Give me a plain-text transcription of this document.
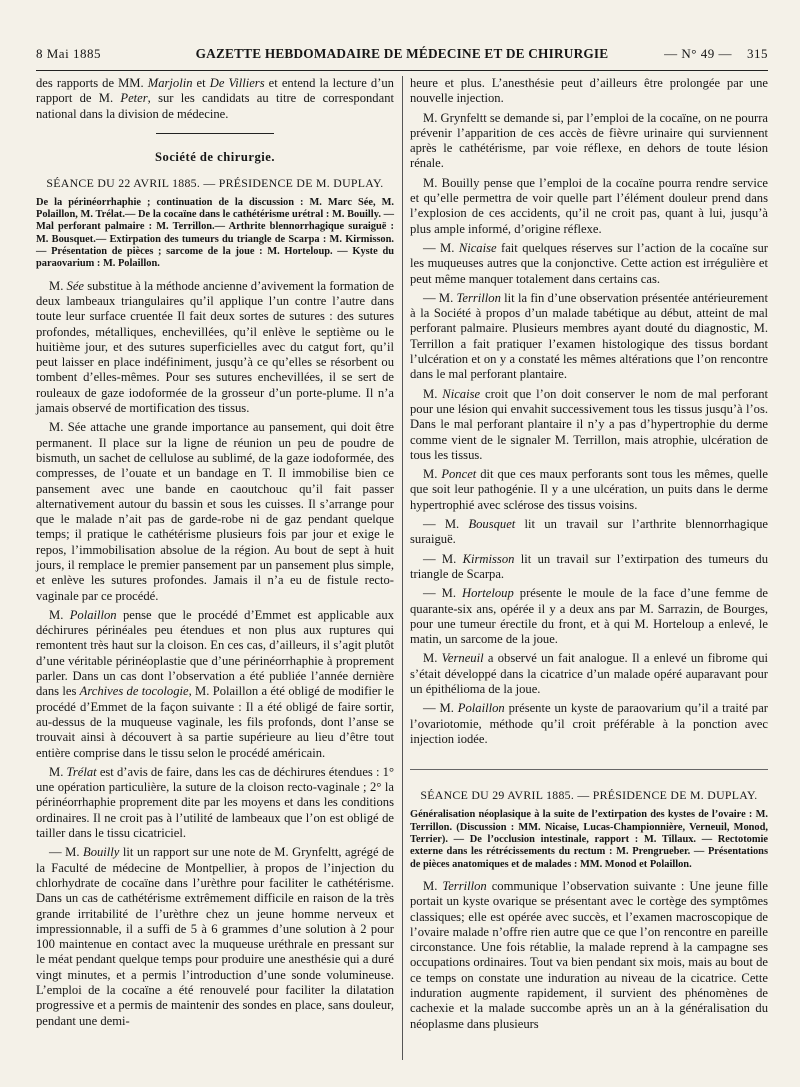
8 Mai 1885	GAZETTE HEBDOMADAIRE DE MÉDECINE ET DE CHIRURGIE	— N° 49 — 315

des rapports de MM. Marjolin et De Villiers et entend la lecture d’un rapport de M. Peter, sur les candidats au titre de correspondant national dans la division de médecine.

Société de chirurgie.
SÉANCE DU 22 AVRIL 1885. — PRÉSIDENCE DE M. DUPLAY.
De la périnéorrhaphie ; continuation de la discussion : M. Marc Sée, M. Polaillon, M. Trélat.— De la cocaïne dans le cathétérisme urétral : M. Bouilly. — Mal perforant palmaire : M. Terrillon.— Arthrite blennorrhagique suraiguë : M. Bousquet.— Extirpation des tumeurs du triangle de Scarpa : M. Kirmisson. — Présentation de pièces ; sarcome de la joue : M. Horteloup. — Kyste du paraovarium : M. Polaillon.

M. Sée substitue à la méthode ancienne d’avivement la formation de deux lambeaux triangulaires qu’il applique l’un contre l’autre dans toute leur surface cruentée Il fait deux sortes de sutures : des sutures profondes, métalliques, enchevillées, qu’il enlève le septième ou le huitième jour, et des sutures superficielles avec du catgut fort, qu’il peut laisser en place indéfiniment, jusqu’à ce qu’elles se résorbent ou tombent d’elles-mêmes. Pour ses sutures enchevillées, il se sert de rouleaux de gaze iodoformée de la grosseur d’un porte-plume. Il n’a jamais observé de mortification des tissus.

M. Sée attache une grande importance au pansement, qui doit être permanent. Il place sur la ligne de réunion un peu de poudre de bismuth, un sachet de cellulose au sublimé, de la gaze iodoformée, des compresses, de l’ouate et un bandage en T. Il immobilise bien ce pansement avec une bande en caoutchouc qu’il fait passer alternativement autour du bassin et sous les cuisses. Il s’arrange pour que le malade n’ait pas de garde-robe ni de gaz pendant quelque temps; il pratique le cathétérisme plusieurs fois par jour et exige le repos, l’immobilisation absolue de la région. Au bout de sept à huit jours, il remplace le premier pansement par un pansement plus simple, et enlève les sutures profondes. Jamais il n’a eu de fistule recto-vaginale par ce procédé.

M. Polaillon pense que le procédé d’Emmet est applicable aux déchirures périnéales peu étendues et non plus aux ruptures qui remontent très haut sur la cloison. En ces cas, d’ailleurs, il s’agit plutôt d’une véritable périnéoplastie que d’une périnéorrhaphie à proprement parler. Dans un cas dont l’observation a été publiée l’année dernière dans les Archives de tocologie, M. Polaillon a été obligé de modifier le procédé d’Emmet de la façon suivante : Il a été obligé de faire sortir, au-dessus de la muqueuse vaginale, les fils profonds, dont l’anse se trouvait ainsi à découvert à sa partie supérieure au lieu d’être tout entière comprise dans le tissu selon le procédé américain.

M. Trélat est d’avis de faire, dans les cas de déchirures étendues : 1° une opération particulière, la suture de la cloison recto-vaginale ; 2° la périnéorrhaphie proprement dite par les moyens et dans les conditions ordinaires. Il ne croit pas à l’utilité de lambeaux que l’on est obligé de tailler dans le tissu cicatriciel.

— M. Bouilly lit un rapport sur une note de M. Grynfeltt, agrégé de la Faculté de médecine de Montpellier, à propos de l’injection du chlorhydrate de cocaïne dans l’urèthre pour faciliter le cathétérisme. Dans un cas de cathétérisme extrêmement difficile en raison de la très grande irritabilité de l’urèthre chez un jeune homme nerveux et impressionnable, il a suffi de 5 à 6 grammes d’une solution à 2 pour 100 maintenue en contact avec la muqueuse uréthrale en pressant sur le méat pendant quelque temps pour produire une anesthésie qui a duré vingt minutes, et a permis l’introduction d’une sonde volumineuse. L’emploi de la cocaïne a été renouvelé pour faciliter la dilatation progressive et a permis de maintenir des sondes en place, sans douleur, pendant une demi-

heure et plus. L’anesthésie peut d’ailleurs être prolongée par une nouvelle injection.

M. Grynfeltt se demande si, par l’emploi de la cocaïne, on ne pourra prévenir l’apparition de ces accès de fièvre urinaire qui surviennent après le cathétérisme, par voie réflexe, en dehors de toute lésion rénale.

M. Bouilly pense que l’emploi de la cocaïne pourra rendre service et qu’elle permettra de voir quelle part l’élément douleur prend dans l’explosion de ces accidents, qu’il ne croit pas, quant à lui, jusqu’à plus ample informé, d’origine réflexe.

— M. Nicaise fait quelques réserves sur l’action de la cocaïne sur les muqueuses autres que la conjonctive. Cette action est irrégulière et peut même manquer totalement dans certains cas.

— M. Terrillon lit la fin d’une observation présentée antérieurement à la Société à propos d’un malade tabétique au début, atteint de mal perforant palmaire. Plusieurs membres ayant douté du diagnostic, M. Terrillon a fait pratiquer l’examen histologique des tissus bordant l’ulcération et on y a constaté les mêmes altérations que l’on rencontre dans le mal perforant plantaire.

M. Nicaise croit que l’on doit conserver le nom de mal perforant pour une lésion qui envahit successivement tous les tissus jusqu’à l’os. Dans le mal perforant plantaire il n’y a pas d’hypertrophie du derme comme vient de le signaler M. Terrillon, mais atrophie, ulcération de tous les tissus.

M. Poncet dit que ces maux perforants sont tous les mêmes, quelle que soit leur pathogénie. Il y a une ulcération, un puits dans le derme hypertrophié avec sclérose des tissus voisins.

— M. Bousquet lit un travail sur l’arthrite blennorrhagique suraiguë.

— M. Kirmisson lit un travail sur l’extirpation des tumeurs du triangle de Scarpa.

— M. Horteloup présente le moule de la face d’une femme de quarante-six ans, opérée il y a deux ans par M. Sarrazin, de Bourges, pour une tumeur érectile du front, et à qui M. Horteloup a enlevé, le matin, un sarcome de la joue.

M. Verneuil a observé un fait analogue. Il a enlevé un fibrome qui s’était développé dans la cicatrice d’un malade opéré auparavant pour un épithélioma de la joue.

— M. Polaillon présente un kyste de paraovarium qu’il a traité par l’ovariotomie, méthode qu’il croit préférable à la ponction avec injection iodée.

SÉANCE DU 29 AVRIL 1885. — PRÉSIDENCE DE M. DUPLAY.
Généralisation néoplasique à la suite de l’extirpation des kystes de l’ovaire : M. Terrillon. (Discussion : MM. Nicaise, Lucas-Championnière, Verneuil, Monod, Terrier). — De l’occlusion intestinale, rapport : M. Tillaux. — Rectotomie externe dans les rétrécissements du rectum : M. Prengrueber. — Présentations de pièces anatomiques et de malades : MM. Monod et Polaillon.

M. Terrillon communique l’observation suivante : Une jeune fille portait un kyste ovarique se présentant avec le cortège des symptômes classiques; elle est opérée avec succès, et l’examen macroscopique de l’ovaire malade n’offre rien autre que ce que l’on rencontre en pareille circonstance. Une fois rétablie, la malade reprend à la campagne ses occupations ordinaires. Tout va bien pendant six mois, mais au bout de ce temps on constate une induration au niveau de la cicatrice. Cette induration augmente rapidement, il survient des phénomènes de cachexie et la malade succombe après un an à la généralisation du néoplasme dans plusieurs
